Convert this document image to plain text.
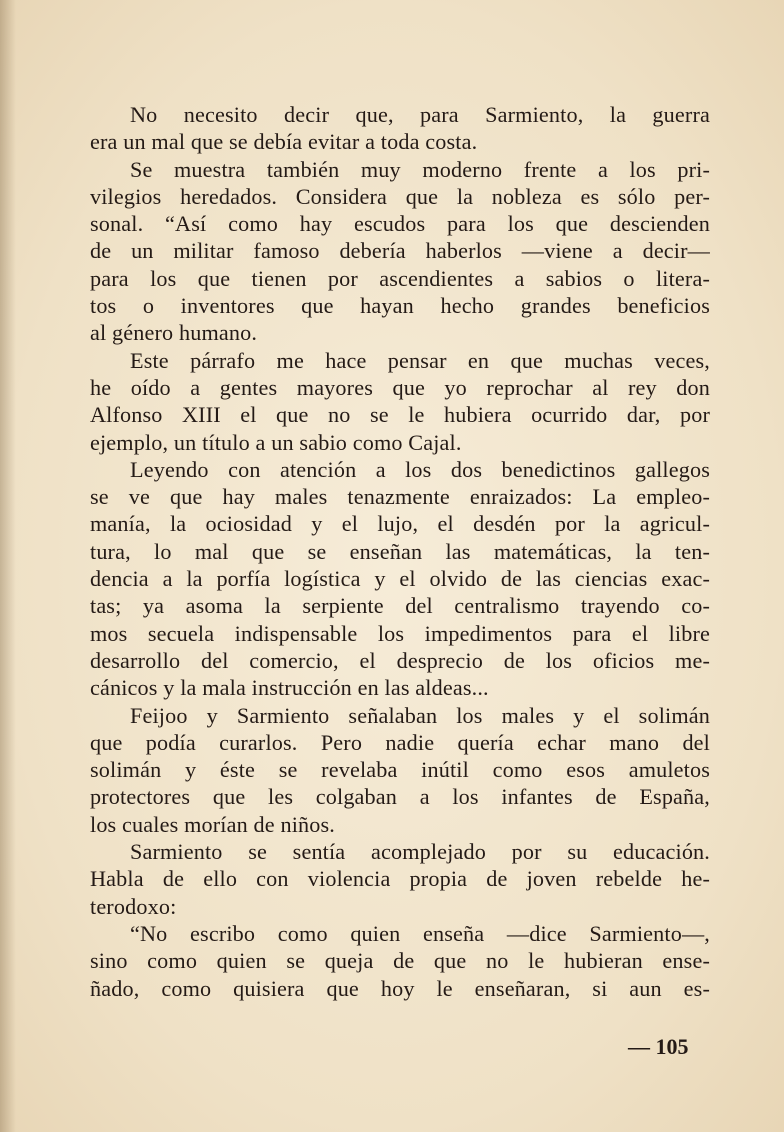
No necesito decir que, para Sarmiento, la guerra
era un mal que se debía evitar a toda costa.
Se muestra también muy moderno frente a los pri-
vilegios heredados. Considera que la nobleza es sólo per-
sonal. “Así como hay escudos para los que descienden
de un militar famoso debería haberlos —viene a decir—
para los que tienen por ascendientes a sabios o litera-
tos o inventores que hayan hecho grandes beneficios
al género humano.
Este párrafo me hace pensar en que muchas veces,
he oído a gentes mayores que yo reprochar al rey don
Alfonso XIII el que no se le hubiera ocurrido dar, por
ejemplo, un título a un sabio como Cajal.
Leyendo con atención a los dos benedictinos gallegos
se ve que hay males tenazmente enraizados: La empleo-
manía, la ociosidad y el lujo, el desdén por la agricul-
tura, lo mal que se enseñan las matemáticas, la ten-
dencia a la porfía logística y el olvido de las ciencias exac-
tas; ya asoma la serpiente del centralismo trayendo co-
mos secuela indispensable los impedimentos para el libre
desarrollo del comercio, el desprecio de los oficios me-
cánicos y la mala instrucción en las aldeas...
Feijoo y Sarmiento señalaban los males y el solimán
que podía curarlos. Pero nadie quería echar mano del
solimán y éste se revelaba inútil como esos amuletos
protectores que les colgaban a los infantes de España,
los cuales morían de niños.
Sarmiento se sentía acomplejado por su educación.
Habla de ello con violencia propia de joven rebelde he-
terodoxo:
“No escribo como quien enseña —dice Sarmiento—,
sino como quien se queja de que no le hubieran ense-
ñado, como quisiera que hoy le enseñaran, si aun es-
— 105
